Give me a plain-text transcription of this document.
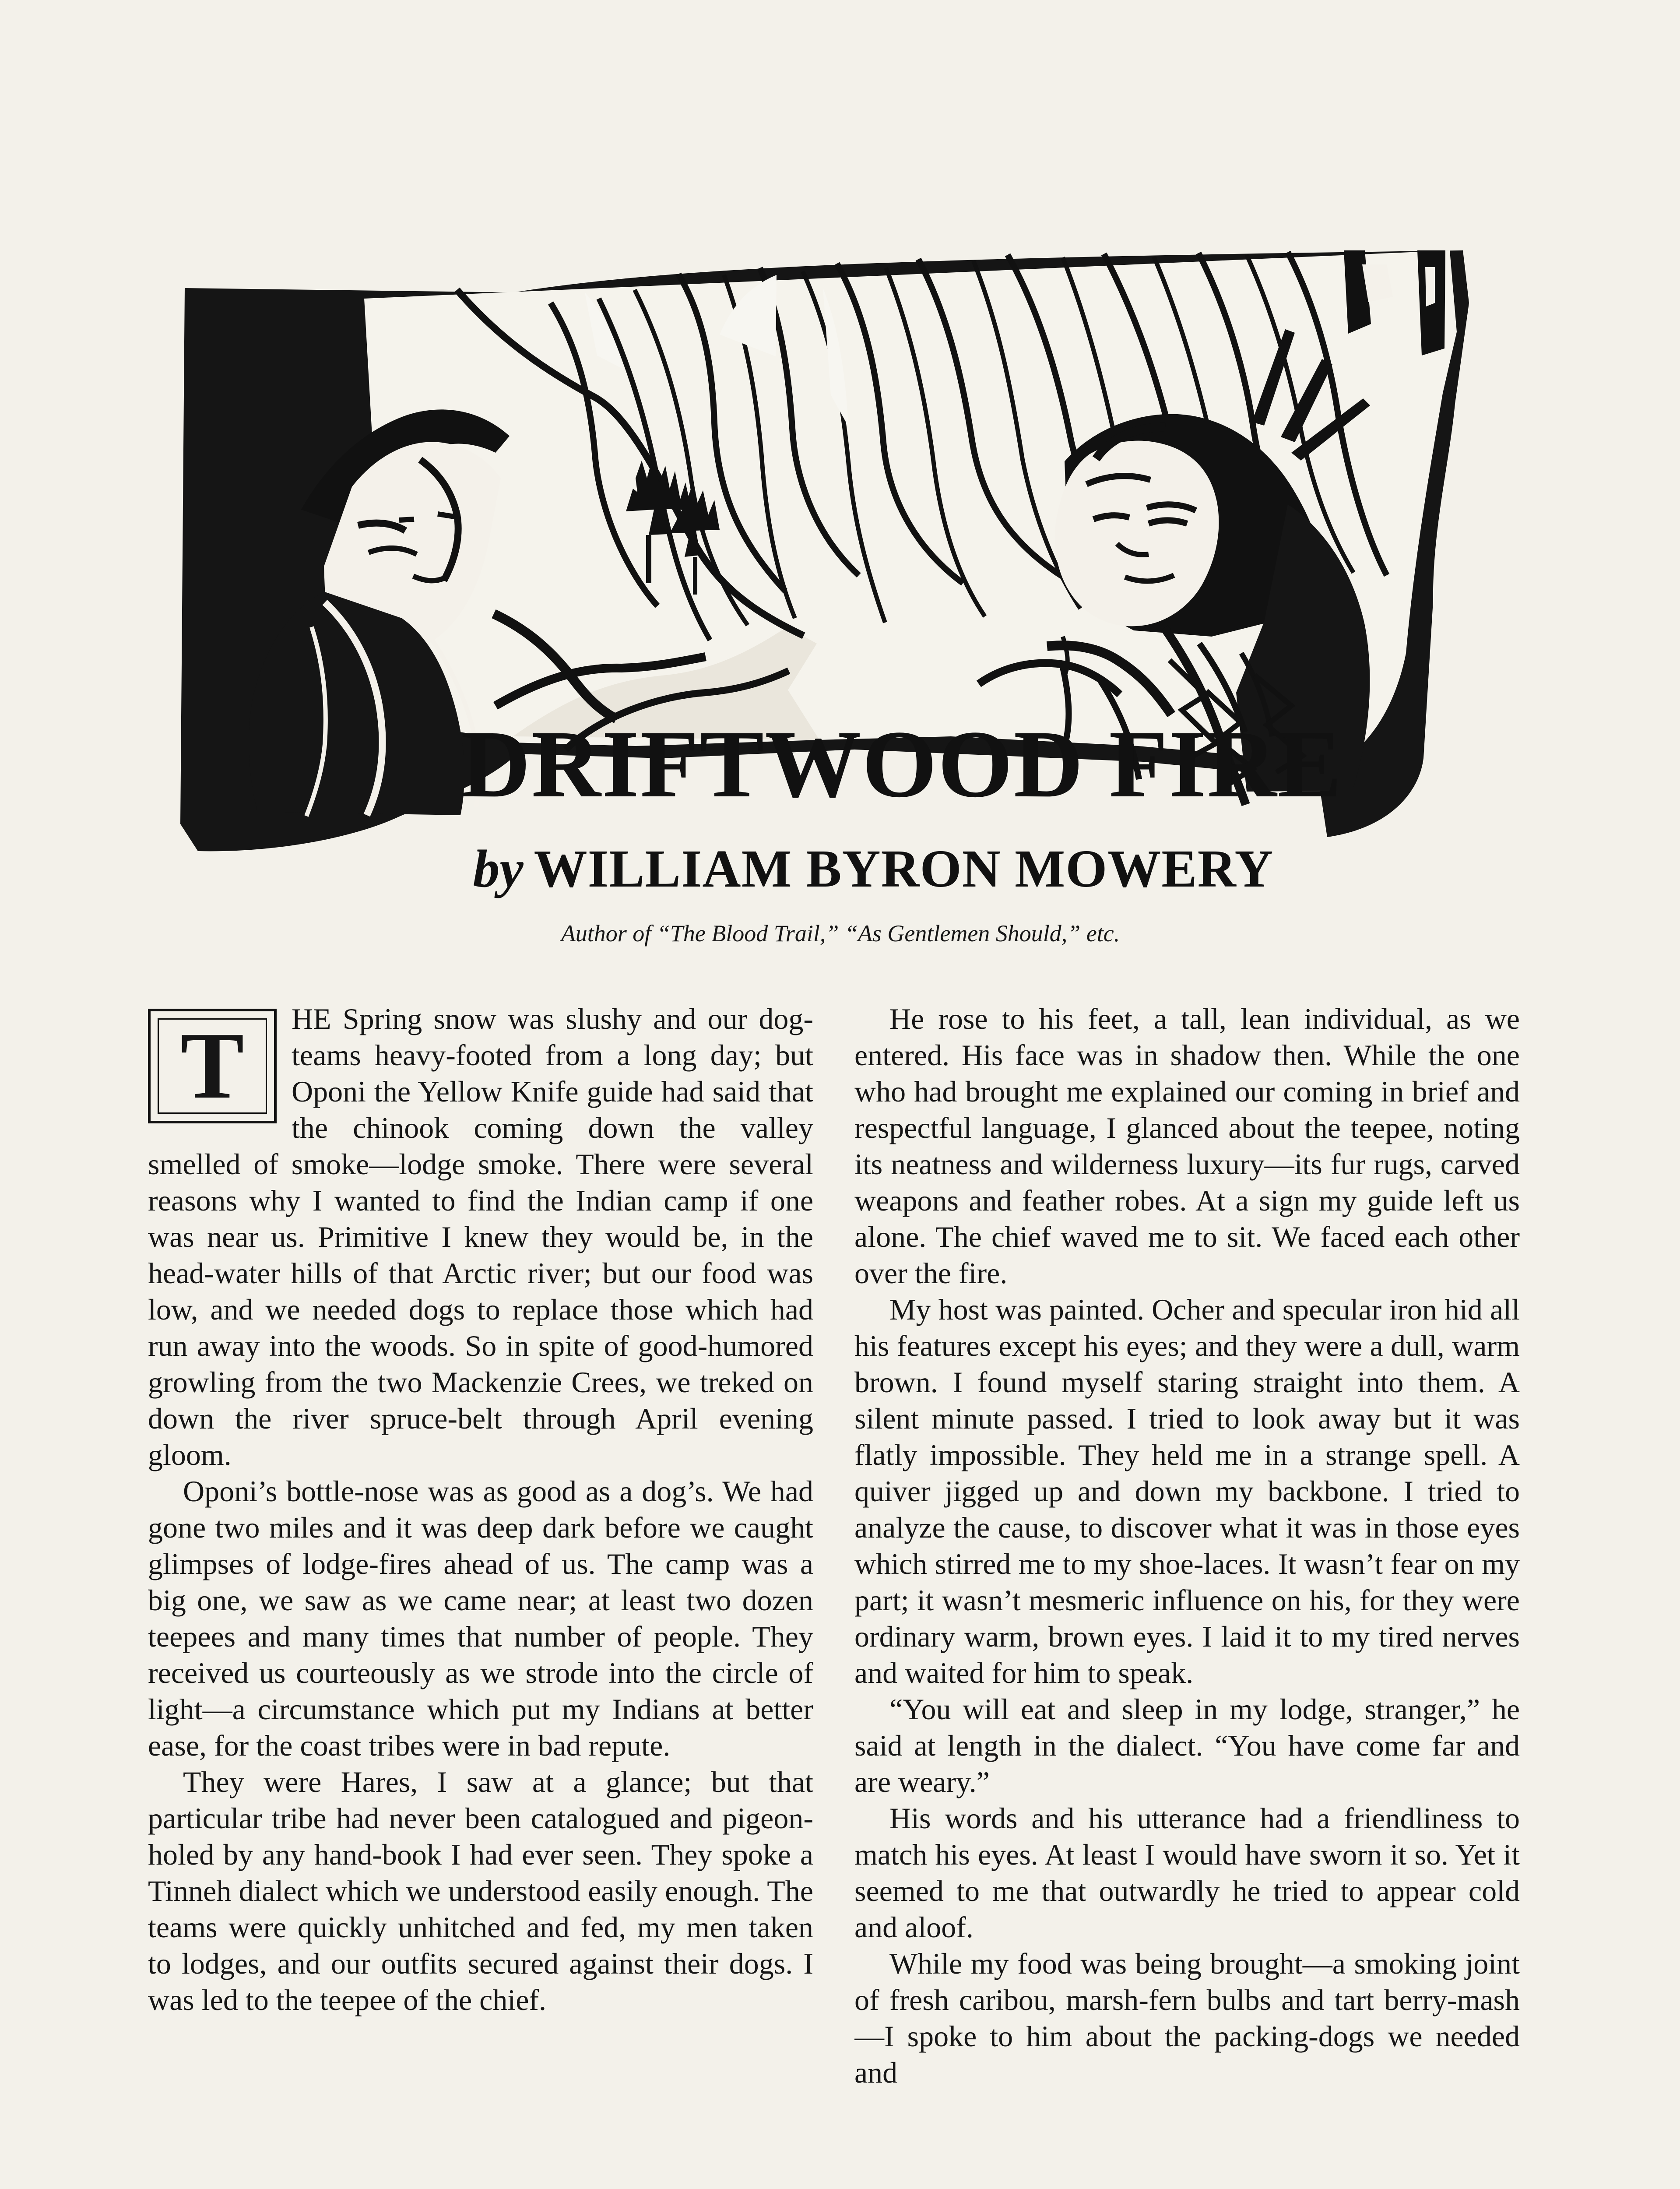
DRIFTWOOD FIRE
by WILLIAM BYRON MOWERY
Author of “The Blood Trail,” “As Gentlemen Should,” etc.
T	HE Spring snow was slushy and our dog-teams heavy-footed from a long day; but Oponi the Yellow Knife guide had said that the chinook coming down the valley smelled of smoke—lodge smoke. There were several reasons why I wanted to find the Indian camp if one was near us. Primitive I knew they would be, in the head-water hills of that Arctic river; but our food was low, and we needed dogs to replace those which had run away into the woods. So in spite of good-humored growling from the two Mackenzie Crees, we treked on down the river spruce-belt through April evening gloom.

Oponi’s bottle-nose was as good as a dog’s. We had gone two miles and it was deep dark before we caught glimpses of lodge-fires ahead of us. The camp was a big one, we saw as we came near; at least two dozen teepees and many times that number of people. They received us courteously as we strode into the circle of light—a circumstance which put my Indians at better ease, for the coast tribes were in bad repute.

They were Hares, I saw at a glance; but that particular tribe had never been catalogued and pigeon-holed by any hand-book I had ever seen. They spoke a Tinneh dialect which we understood easily enough. The teams were quickly unhitched and fed, my men taken to lodges, and our outfits secured against their dogs. I was led to the teepee of the chief.

He rose to his feet, a tall, lean individual, as we entered. His face was in shadow then. While the one who had brought me explained our coming in brief and respectful language, I glanced about the teepee, noting its neatness and wilderness luxury—its fur rugs, carved weapons and feather robes. At a sign my guide left us alone. The chief waved me to sit. We faced each other over the fire.

My host was painted. Ocher and specular iron hid all his features except his eyes; and they were a dull, warm brown. I found myself staring straight into them. A silent minute passed. I tried to look away but it was flatly impossible. They held me in a strange spell. A quiver jigged up and down my backbone. I tried to analyze the cause, to discover what it was in those eyes which stirred me to my shoe-laces. It wasn’t fear on my part; it wasn’t mesmeric influence on his, for they were ordinary warm, brown eyes. I laid it to my tired nerves and waited for him to speak.

“You will eat and sleep in my lodge, stranger,” he said at length in the dialect. “You have come far and are weary.”

His words and his utterance had a friendliness to match his eyes. At least I would have sworn it so. Yet it seemed to me that outwardly he tried to appear cold and aloof.

While my food was being brought—a smoking joint of fresh caribou, marsh-fern bulbs and tart berry-mash—I spoke to him about the packing-dogs we needed and
